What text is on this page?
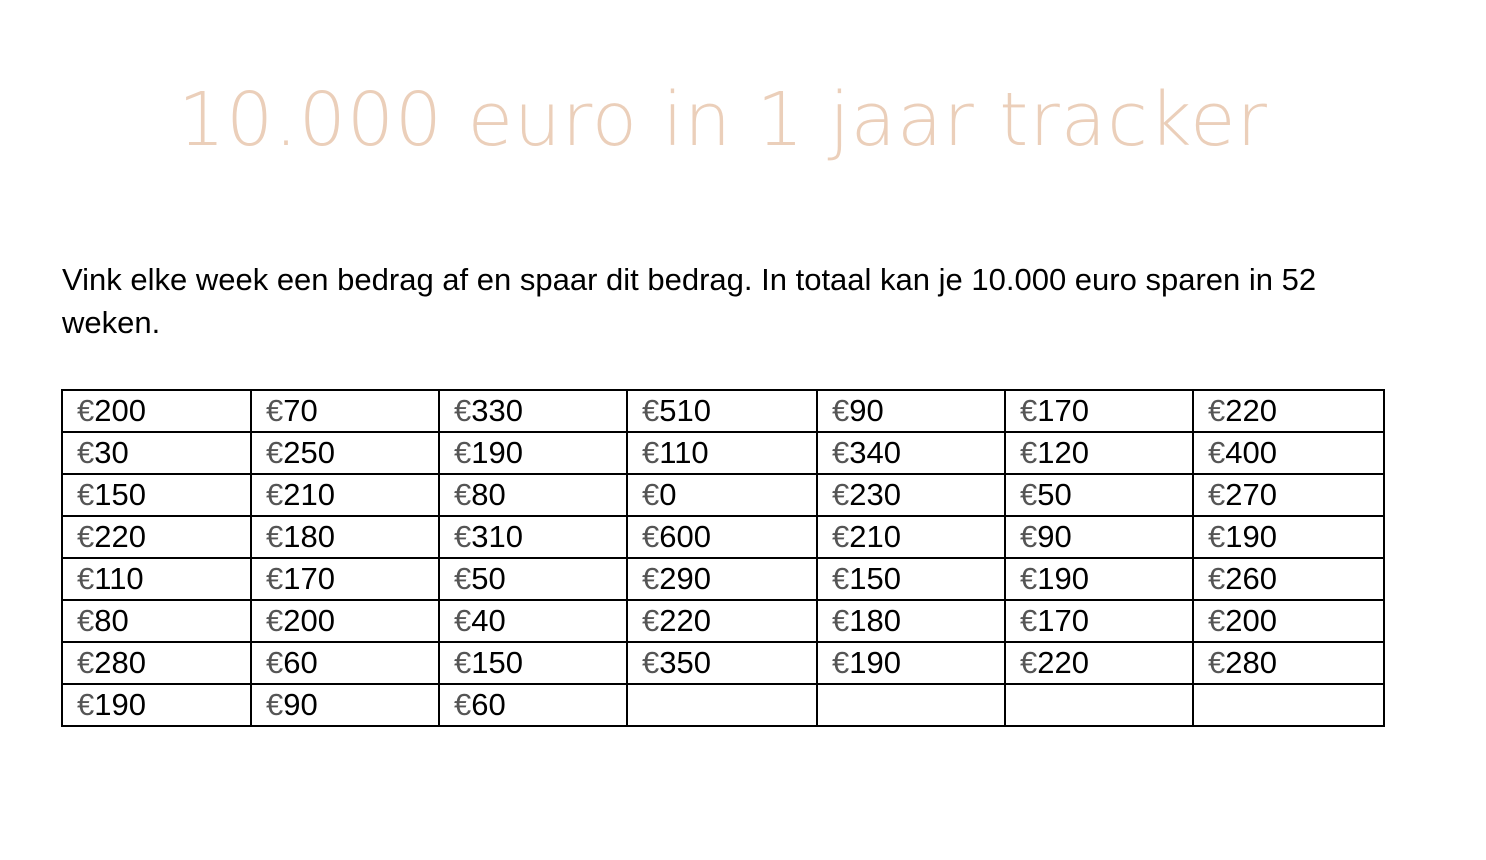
10.000 euro in 1 jaar tracker
Vink elke week een bedrag af en spaar dit bedrag. In totaal kan je 10.000 euro sparen in 52 weken.
€200	€70	€330	€510	€90	€170	€220
€30	€250	€190	€110	€340	€120	€400
€150	€210	€80	€0	€230	€50	€270
€220	€180	€310	€600	€210	€90	€190
€110	€170	€50	€290	€150	€190	€260
€80	€200	€40	€220	€180	€170	€200
€280	€60	€150	€350	€190	€220	€280
€190	€90	€60				
